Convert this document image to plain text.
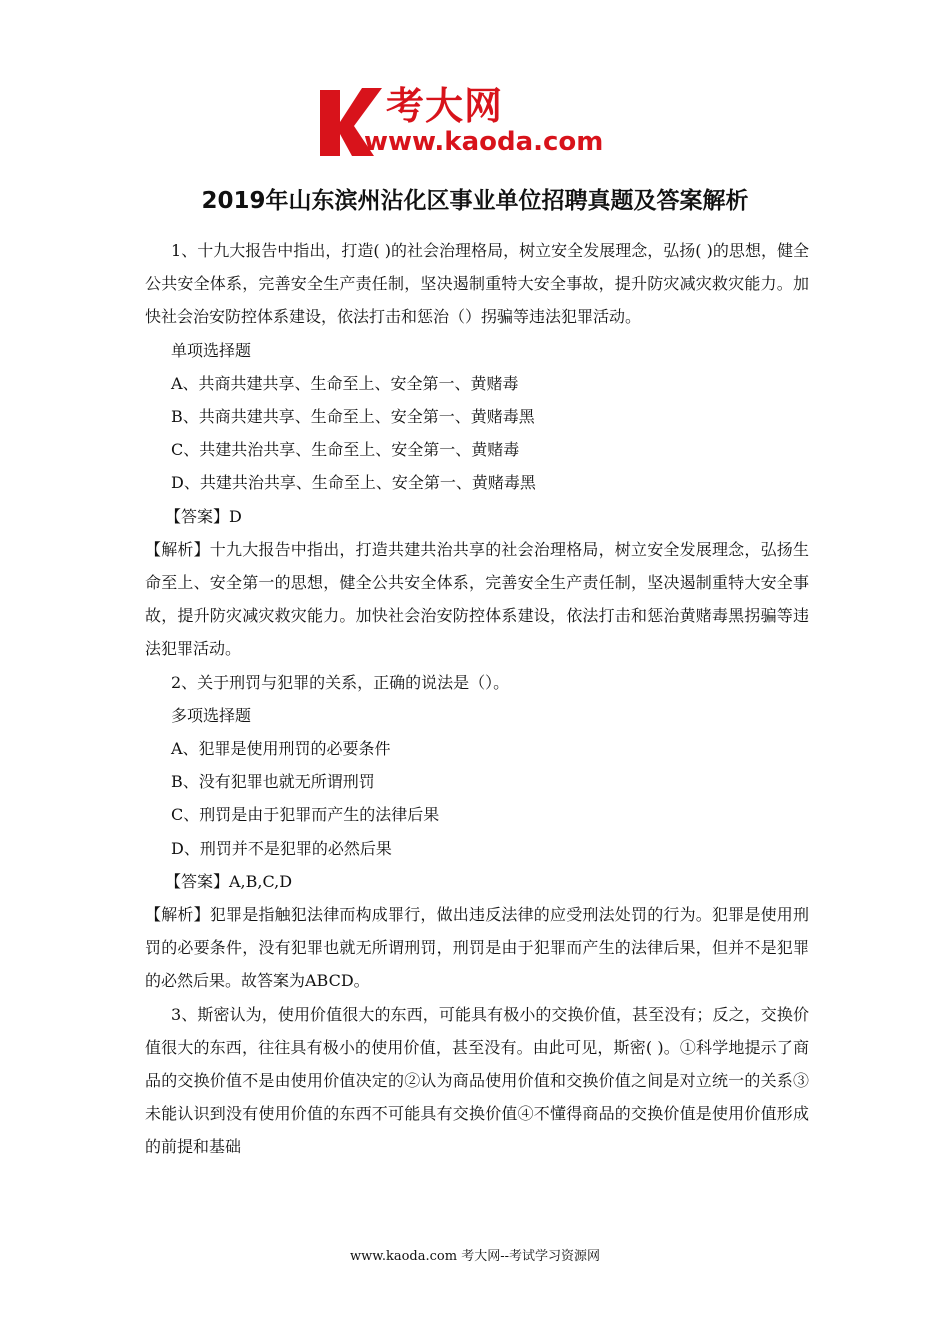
考大网
www.kaoda.com
2019年山东滨州沾化区事业单位招聘真题及答案解析

1、十九大报告中指出，打造( )的社会治理格局，树立安全发展理念，弘扬( )的思想，健全公共安全体系，完善安全生产责任制，坚决遏制重特大安全事故，提升防灾减灾救灾能力。加快社会治安防控体系建设，依法打击和惩治（）拐骗等违法犯罪活动。

单项选择题

A、共商共建共享、生命至上、安全第一、黄赌毒

B、共商共建共享、生命至上、安全第一、黄赌毒黑

C、共建共治共享、生命至上、安全第一、黄赌毒

D、共建共治共享、生命至上、安全第一、黄赌毒黑

【答案】D

【解析】十九大报告中指出，打造共建共治共享的社会治理格局，树立安全发展理念，弘扬生命至上、安全第一的思想，健全公共安全体系，完善安全生产责任制，坚决遏制重特大安全事故，提升防灾减灾救灾能力。加快社会治安防控体系建设，依法打击和惩治黄赌毒黑拐骗等违法犯罪活动。

2、关于刑罚与犯罪的关系，正确的说法是（）。

多项选择题

A、犯罪是使用刑罚的必要条件

B、没有犯罪也就无所谓刑罚

C、刑罚是由于犯罪而产生的法律后果

D、刑罚并不是犯罪的必然后果

【答案】A,B,C,D

【解析】犯罪是指触犯法律而构成罪行，做出违反法律的应受刑法处罚的行为。犯罪是使用刑罚的必要条件，没有犯罪也就无所谓刑罚，刑罚是由于犯罪而产生的法律后果，但并不是犯罪的必然后果。故答案为ABCD。

3、斯密认为，使用价值很大的东西，可能具有极小的交换价值，甚至没有；反之，交换价值很大的东西，往往具有极小的使用价值，甚至没有。由此可见，斯密( )。①科学地提示了商品的交换价值不是由使用价值决定的②认为商品使用价值和交换价值之间是对立统一的关系③未能认识到没有使用价值的东西不可能具有交换价值④不懂得商品的交换价值是使用价值形成的前提和基础

www.kaoda.com 考大网--考试学习资源网
